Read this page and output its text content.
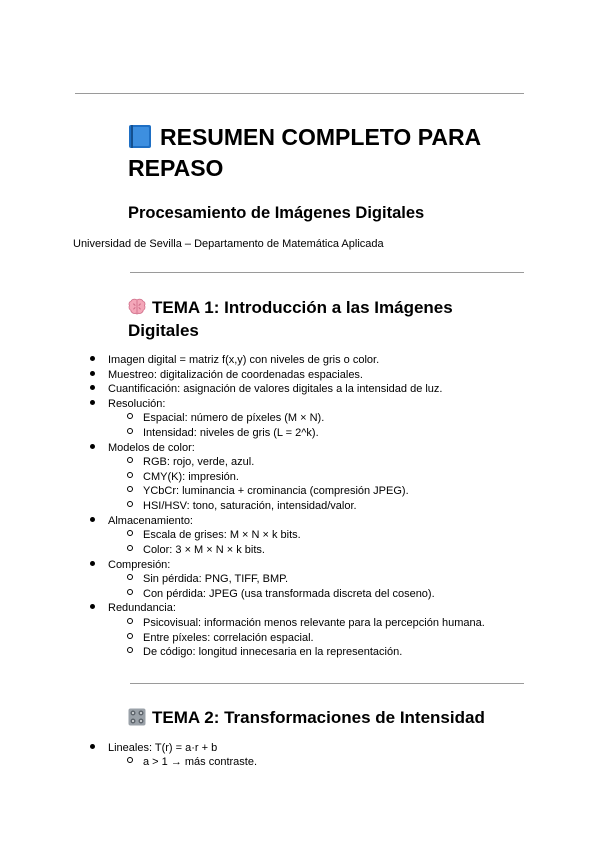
RESUMEN COMPLETO PARA REPASO
Procesamiento de Imágenes Digitales

Universidad de Sevilla – Departamento de Matemática Aplicada

TEMA 1: Introducción a las Imágenes Digitales
Imagen digital = matriz f(x,y) con niveles de gris o color.
Muestreo: digitalización de coordenadas espaciales.
Cuantificación: asignación de valores digitales a la intensidad de luz.
Resolución:
Espacial: número de píxeles (M × N).
Intensidad: niveles de gris (L = 2^k).
Modelos de color:
RGB: rojo, verde, azul.
CMY(K): impresión.
YCbCr: luminancia + crominancia (compresión JPEG).
HSI/HSV: tono, saturación, intensidad/valor.
Almacenamiento:
Escala de grises: M × N × k bits.
Color: 3 × M × N × k bits.
Compresión:
Sin pérdida: PNG, TIFF, BMP.
Con pérdida: JPEG (usa transformada discreta del coseno).
Redundancia:
Psicovisual: información menos relevante para la percepción humana.
Entre píxeles: correlación espacial.
De código: longitud innecesaria en la representación.
TEMA 2: Transformaciones de Intensidad
Lineales: T(r) = a·r + b
a > 1 → más contraste.
